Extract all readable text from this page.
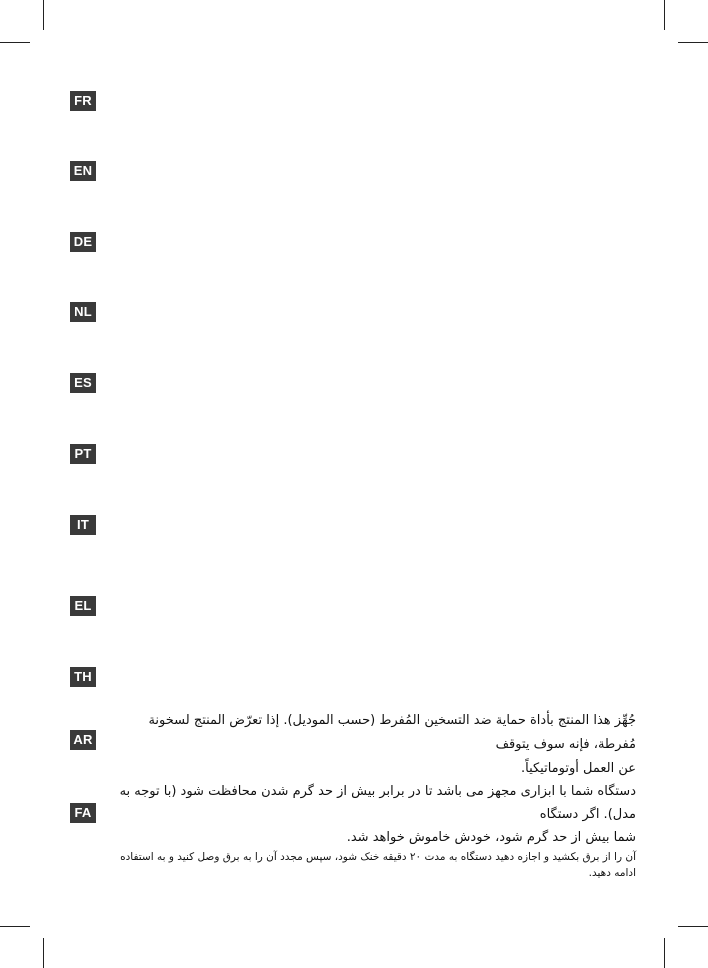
FR
EN
DE
NL
ES
PT
IT
EL
TH
AR
FA

جُهِّز هذا المنتج بأداة حماية ضد التسخين المُفرط (حسب الموديل). إذا تعرّض المنتج لسخونة مُفرطة، فإنه سوف يتوقف

عن العمل أوتوماتيكياً.

دستگاه شما با ابزاری مجهز می باشد تا در برابر بیش از حد گرم شدن محافظت شود (با توجه به مدل). اگر دستگاه

شما بیش از حد گرم شود، خودش خاموش خواهد شد.

آن را از برق بکشید و اجازه دهید دستگاه به مدت ۲۰ دقیقه خنک شود، سپس مجدد آن را به برق وصل کنید و به استفاده ادامه دهید.
